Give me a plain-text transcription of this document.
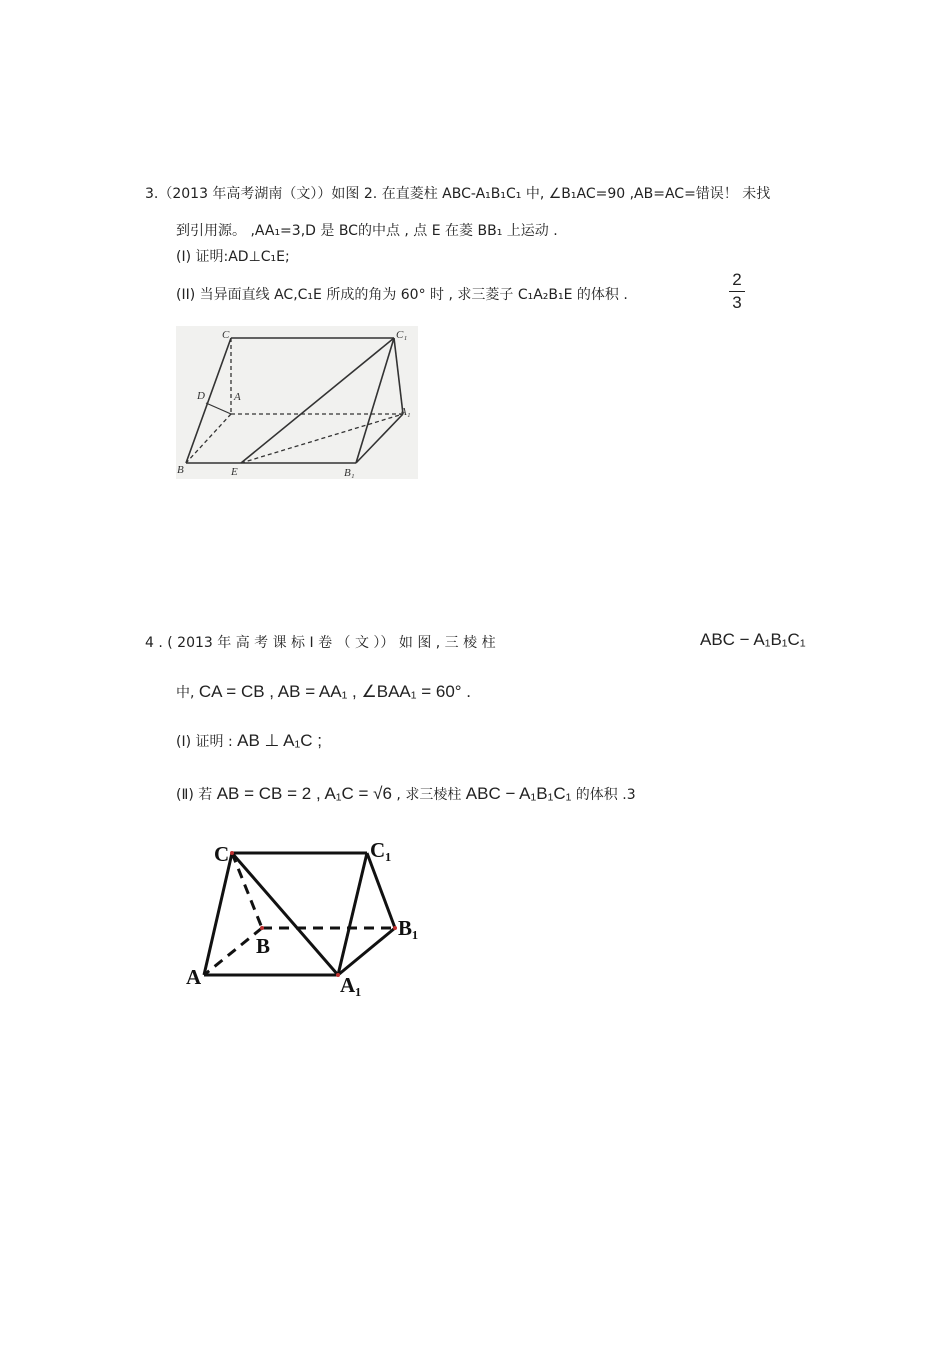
3.（2013 年高考湖南（文））如图 2. 在直菱柱 ABC-A₁B₁C₁ 中, ∠B₁AC=90 ,AB=AC=错误！ 未找
到引用源。 ,AA₁=3,D 是 BC的中点 , 点 E 在菱 BB₁ 上运动 .
(I) 证明:AD⊥C₁E;
(II) 当异面直线 AC,C₁E 所成的角为 60° 时 , 求三菱子 C₁A₂B₁E 的体积 .
2
3
C	C₁
D	A
A₁
B	E	B₁
4 . ( 2013 年 高 考 课 标 Ⅰ 卷 （ 文 ）） 如 图 , 三 棱 柱	ABC − A₁B₁C₁
中, CA = CB , AB = AA₁ , ∠BAA₁ = 60° .
(Ⅰ) 证明 : AB ⊥ A₁C ;
(Ⅱ) 若 AB = CB = 2 , A₁C = √6 , 求三棱柱 ABC − A₁B₁C₁ 的体积 .3
C	C₁
B
B₁
A	A₁
